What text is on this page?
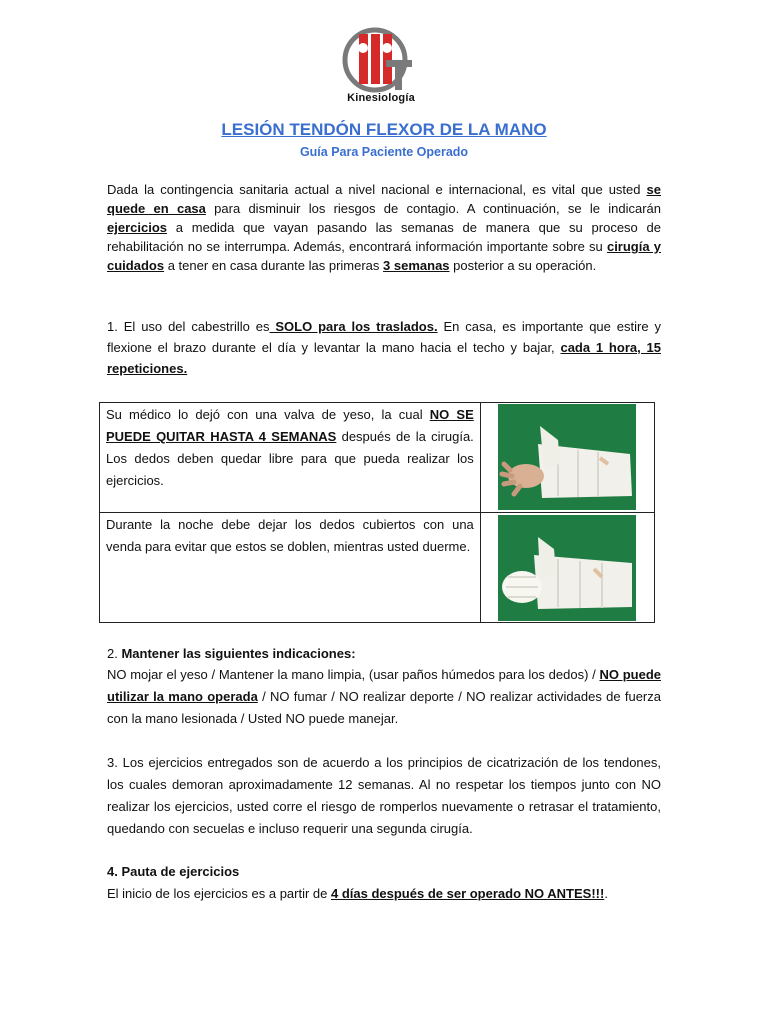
Kinesiología
LESIÓN TENDÓN FLEXOR DE LA MANO
Guía Para Paciente Operado
Dada la contingencia sanitaria actual a nivel nacional e internacional, es vital que usted se quede en casa para disminuir los riesgos de contagio. A continuación, se le indicarán ejercicios a medida que vayan pasando las semanas de manera que su proceso de rehabilitación no se interrumpa. Además, encontrará información importante sobre su cirugía y cuidados a tener en casa durante las primeras 3 semanas posterior a su operación.
1. El uso del cabestrillo es SOLO para los traslados. En casa, es importante que estire y flexione el brazo durante el día y levantar la mano hacia el techo y bajar, cada 1 hora, 15 repeticiones.
Su médico lo dejó con una valva de yeso, la cual NO SE PUEDE QUITAR HASTA 4 SEMANAS después de la cirugía. Los dedos deben quedar libre para que pueda realizar los ejercicios.	

Durante la noche debe dejar los dedos cubiertos con una venda para evitar que estos se doblen, mientras usted duerme.	
2. Mantener las siguientes indicaciones:
NO mojar el yeso / Mantener la mano limpia, (usar paños húmedos para los dedos) / NO puede utilizar la mano operada / NO fumar / NO realizar deporte / NO realizar actividades de fuerza con la mano lesionada / Usted NO puede manejar.
3. Los ejercicios entregados son de acuerdo a los principios de cicatrización de los tendones, los cuales demoran aproximadamente 12 semanas. Al no respetar los tiempos junto con NO realizar los ejercicios, usted corre el riesgo de romperlos nuevamente o retrasar el tratamiento, quedando con secuelas e incluso requerir una segunda cirugía.
4. Pauta de ejercicios
El inicio de los ejercicios es a partir de 4 días después de ser operado NO ANTES!!!.
